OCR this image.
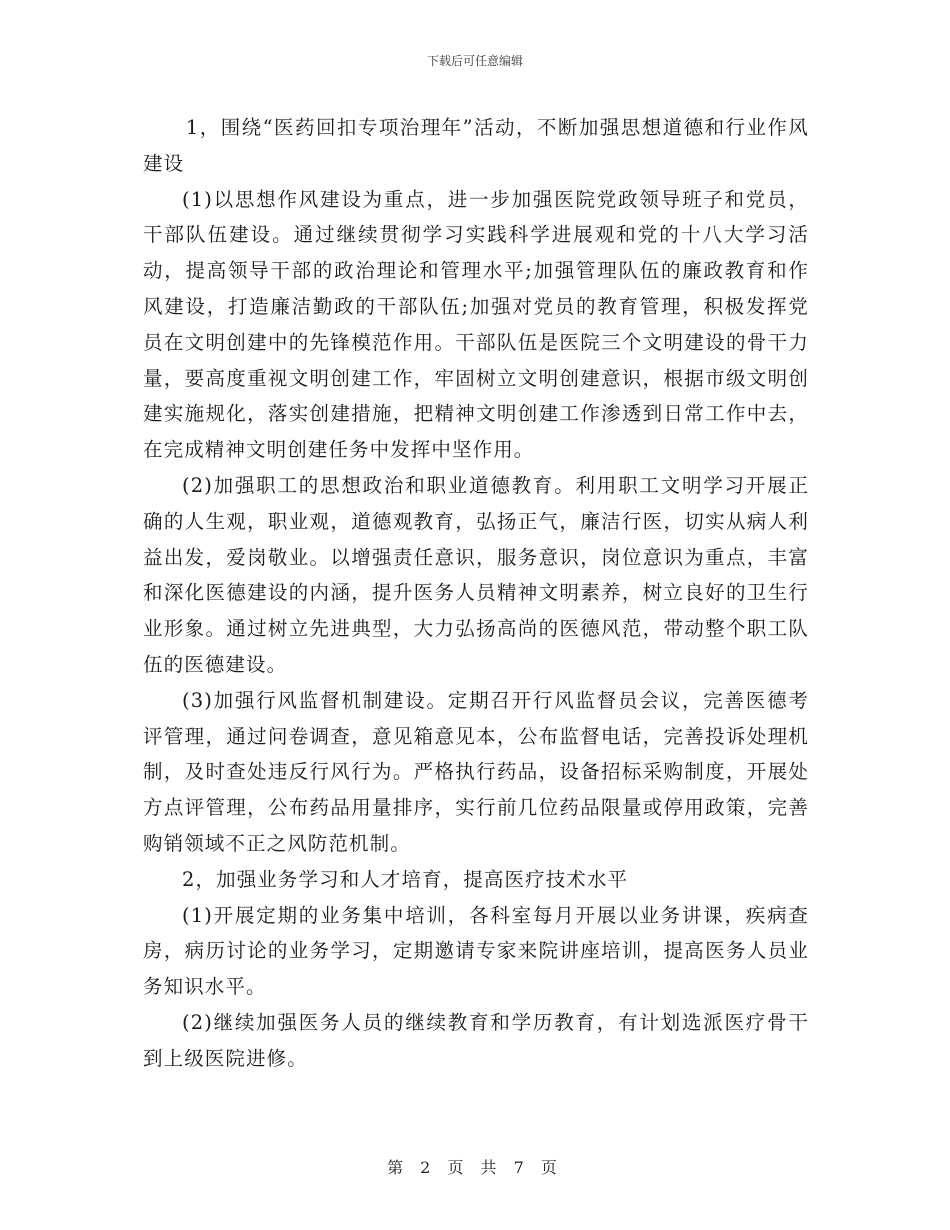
下载后可任意编辑

1，围绕“医药回扣专项治理年”活动，不断加强思想道德和行业作风建设

(1)以思想作风建设为重点，进一步加强医院党政领导班子和党员，干部队伍建设。通过继续贯彻学习实践科学进展观和党的十八大学习活动，提高领导干部的政治理论和管理水平;加强管理队伍的廉政教育和作风建设，打造廉洁勤政的干部队伍;加强对党员的教育管理，积极发挥党员在文明创建中的先锋模范作用。干部队伍是医院三个文明建设的骨干力量，要高度重视文明创建工作，牢固树立文明创建意识，根据市级文明创建实施规化，落实创建措施，把精神文明创建工作渗透到日常工作中去，在完成精神文明创建任务中发挥中坚作用。

(2)加强职工的思想政治和职业道德教育。利用职工文明学习开展正确的人生观，职业观，道德观教育，弘扬正气，廉洁行医，切实从病人利益出发，爱岗敬业。以增强责任意识，服务意识，岗位意识为重点，丰富和深化医德建设的内涵，提升医务人员精神文明素养，树立良好的卫生行业形象。通过树立先进典型，大力弘扬高尚的医德风范，带动整个职工队伍的医德建设。

(3)加强行风监督机制建设。定期召开行风监督员会议，完善医德考评管理，通过问卷调查，意见箱意见本，公布监督电话，完善投诉处理机制，及时查处违反行风行为。严格执行药品，设备招标采购制度，开展处方点评管理，公布药品用量排序，实行前几位药品限量或停用政策，完善购销领域不正之风防范机制。

2，加强业务学习和人才培育，提高医疗技术水平

(1)开展定期的业务集中培训，各科室每月开展以业务讲课，疾病查房，病历讨论的业务学习，定期邀请专家来院讲座培训，提高医务人员业务知识水平。

(2)继续加强医务人员的继续教育和学历教育，有计划选派医疗骨干到上级医院进修。

第 2 页 共 7 页
